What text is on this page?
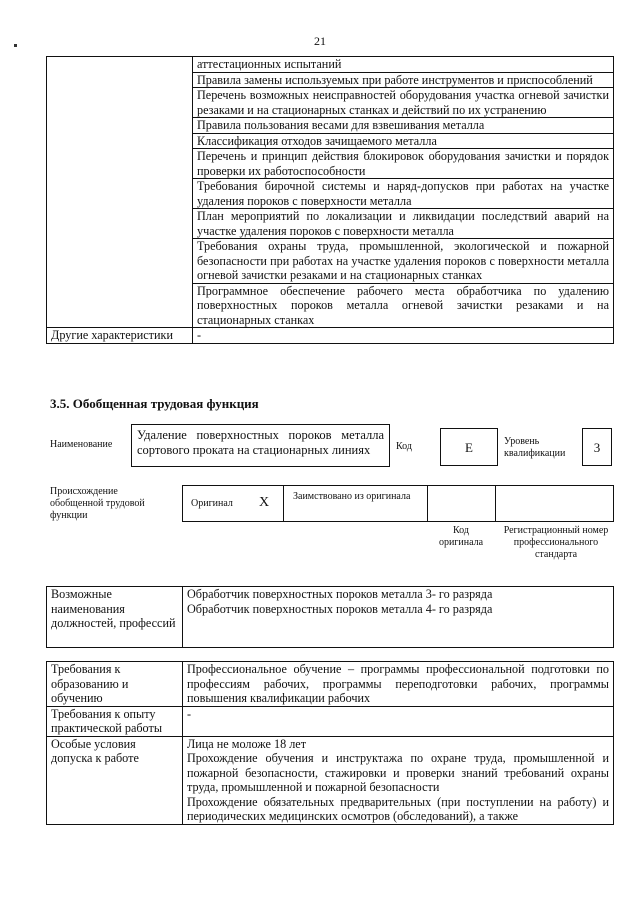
21
	аттестационных испытаний
	Правила замены используемых при работе инструментов и приспособлений
	Перечень возможных неисправностей оборудования участка огневой зачистки резаками и на стационарных станках и действий по их устранению
	Правила пользования весами для взвешивания металла
	Классификация отходов зачищаемого металла
	Перечень и принцип действия блокировок оборудования зачистки и порядок проверки их работоспособности
	Требования бирочной системы и наряд-допусков при работах на участке удаления пороков с поверхности металла
	План мероприятий по локализации и ликвидации последствий аварий на участке удаления пороков с поверхности металла
	Требования охраны труда, промышленной, экологической и пожарной безопасности при работах на участке удаления пороков с поверхности металла огневой зачистки резаками и на стационарных станках
	Программное обеспечение рабочего места обработчика по удалению поверхностных пороков металла огневой зачистки резаками и на стационарных станках
Другие характеристики	-
3.5. Обобщенная трудовая функция
Наименование
Удаление поверхностных пороков металла сортового проката на стационарных линиях	Код	E	Уровень квалификации	3
Происхождение обобщенной трудовой функции
Оригинал X Заимствовано из оригинала
Код оригинала
Регистрационный номер профессионального стандарта
Возможные наименования должностей, профессий	
Обработчик поверхностных пороков металла 3- го разряда
Обработчик поверхностных пороков металла 4- го разряда
Требования к образованию и обучению	Профессиональное обучение – программы профессиональной подготовки по профессиям рабочих, программы переподготовки рабочих, программы повышения квалификации рабочих
Требования к опыту практической работы	-
Особые условия допуска к работе	Лица не моложе 18 лет
Прохождение обучения и инструктажа по охране труда, промышленной и пожарной безопасности, стажировки и проверки знаний требований охраны труда, промышленной и пожарной безопасности
Прохождение обязательных предварительных (при поступлении на работу) и периодических медицинских осмотров (обследований), а также
